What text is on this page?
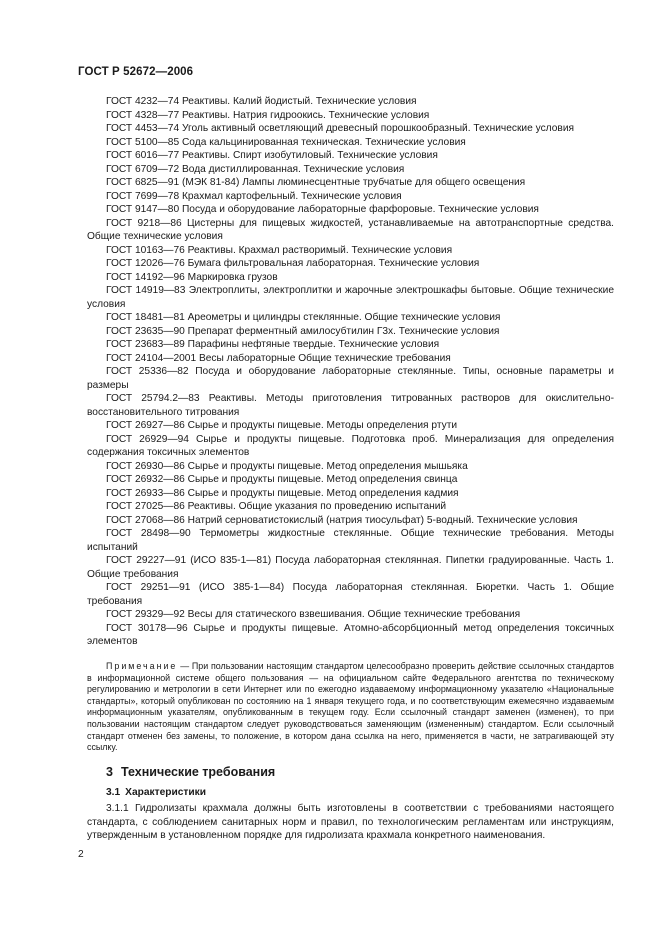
ГОСТ Р 52672—2006

ГОСТ 4232—74 Реактивы. Калий йодистый. Технические условия

ГОСТ 4328—77 Реактивы. Натрия гидроокись. Технические условия

ГОСТ 4453—74 Уголь активный осветляющий древесный порошкообразный. Технические условия

ГОСТ 5100—85 Сода кальцинированная техническая. Технические условия

ГОСТ 6016—77 Реактивы. Спирт изобутиловый. Технические условия

ГОСТ 6709—72 Вода дистиллированная. Технические условия

ГОСТ 6825—91 (МЭК 81-84) Лампы люминесцентные трубчатые для общего освещения

ГОСТ 7699—78 Крахмал картофельный. Технические условия

ГОСТ 9147—80 Посуда и оборудование лабораторные фарфоровые. Технические условия

ГОСТ 9218—86 Цистерны для пищевых жидкостей, устанавливаемые на автотранспортные средства. Общие технические условия

ГОСТ 10163—76 Реактивы. Крахмал растворимый. Технические условия

ГОСТ 12026—76 Бумага фильтровальная лабораторная. Технические условия

ГОСТ 14192—96 Маркировка грузов

ГОСТ 14919—83 Электроплиты, электроплитки и жарочные электрошкафы бытовые. Общие технические условия

ГОСТ 18481—81 Ареометры и цилиндры стеклянные. Общие технические условия

ГОСТ 23635—90 Препарат ферментный амилосубтилин Г3х. Технические условия

ГОСТ 23683—89 Парафины нефтяные твердые. Технические условия

ГОСТ 24104—2001 Весы лабораторные Общие технические требования

ГОСТ 25336—82 Посуда и оборудование лабораторные стеклянные. Типы, основные параметры и размеры

ГОСТ 25794.2—83 Реактивы. Методы приготовления титрованных растворов для окислительно-восстановительного титрования

ГОСТ 26927—86 Сырье и продукты пищевые. Методы определения ртути

ГОСТ 26929—94 Сырье и продукты пищевые. Подготовка проб. Минерализация для определения содержания токсичных элементов

ГОСТ 26930—86 Сырье и продукты пищевые. Метод определения мышьяка

ГОСТ 26932—86 Сырье и продукты пищевые. Метод определения свинца

ГОСТ 26933—86 Сырье и продукты пищевые. Метод определения кадмия

ГОСТ 27025—86 Реактивы. Общие указания по проведению испытаний

ГОСТ 27068—86 Натрий серноватистокислый (натрия тиосульфат) 5-водный. Технические условия

ГОСТ 28498—90 Термометры жидкостные стеклянные. Общие технические требования. Методы испытаний

ГОСТ 29227—91 (ИСО 835-1—81) Посуда лабораторная стеклянная. Пипетки градуированные. Часть 1. Общие требования

ГОСТ 29251—91 (ИСО 385-1—84) Посуда лабораторная стеклянная. Бюретки. Часть 1. Общие требования

ГОСТ 29329—92 Весы для статического взвешивания. Общие технические требования

ГОСТ 30178—96 Сырье и продукты пищевые. Атомно-абсорбционный метод определения токсичных элементов

Примечание — При пользовании настоящим стандартом целесообразно проверить действие ссылочных стандартов в информационной системе общего пользования — на официальном сайте Федерального агентства по техническому регулированию и метрологии в сети Интернет или по ежегодно издаваемому информационному указателю «Национальные стандарты», который опубликован по состоянию на 1 января текущего года, и по соответствующим ежемесячно издаваемым информационным указателям, опубликованным в текущем году. Если ссылочный стандарт заменен (изменен), то при пользовании настоящим стандартом следует руководствоваться заменяющим (измененным) стандартом. Если ссылочный стандарт отменен без замены, то положение, в котором дана ссылка на него, применяется в части, не затрагивающей эту ссылку.

3 Технические требования
3.1 Характеристики

3.1.1 Гидролизаты крахмала должны быть изготовлены в соответствии с требованиями настоящего стандарта, с соблюдением санитарных норм и правил, по технологическим регламентам или инструкциям, утвержденным в установленном порядке для гидролизата крахмала конкретного наименования.

2
